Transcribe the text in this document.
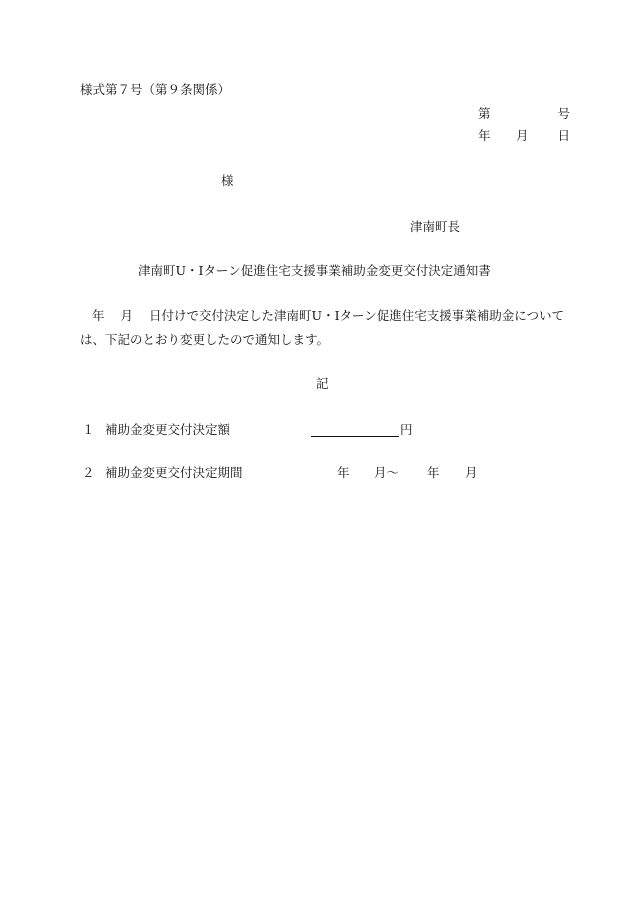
様式第７号（第９条関係）
第	号
年 月 日
様
津南町長
津南町U・Iターン促進住宅支援事業補助金変更交付決定通知書
年 月 日付けで交付決定した津南町U・Iターン促進住宅支援事業補助金については、下記のとおり変更したので通知します。
記
１ 補助金変更交付決定額	円
２ 補助金変更交付決定期間	年 月～ 年 月
